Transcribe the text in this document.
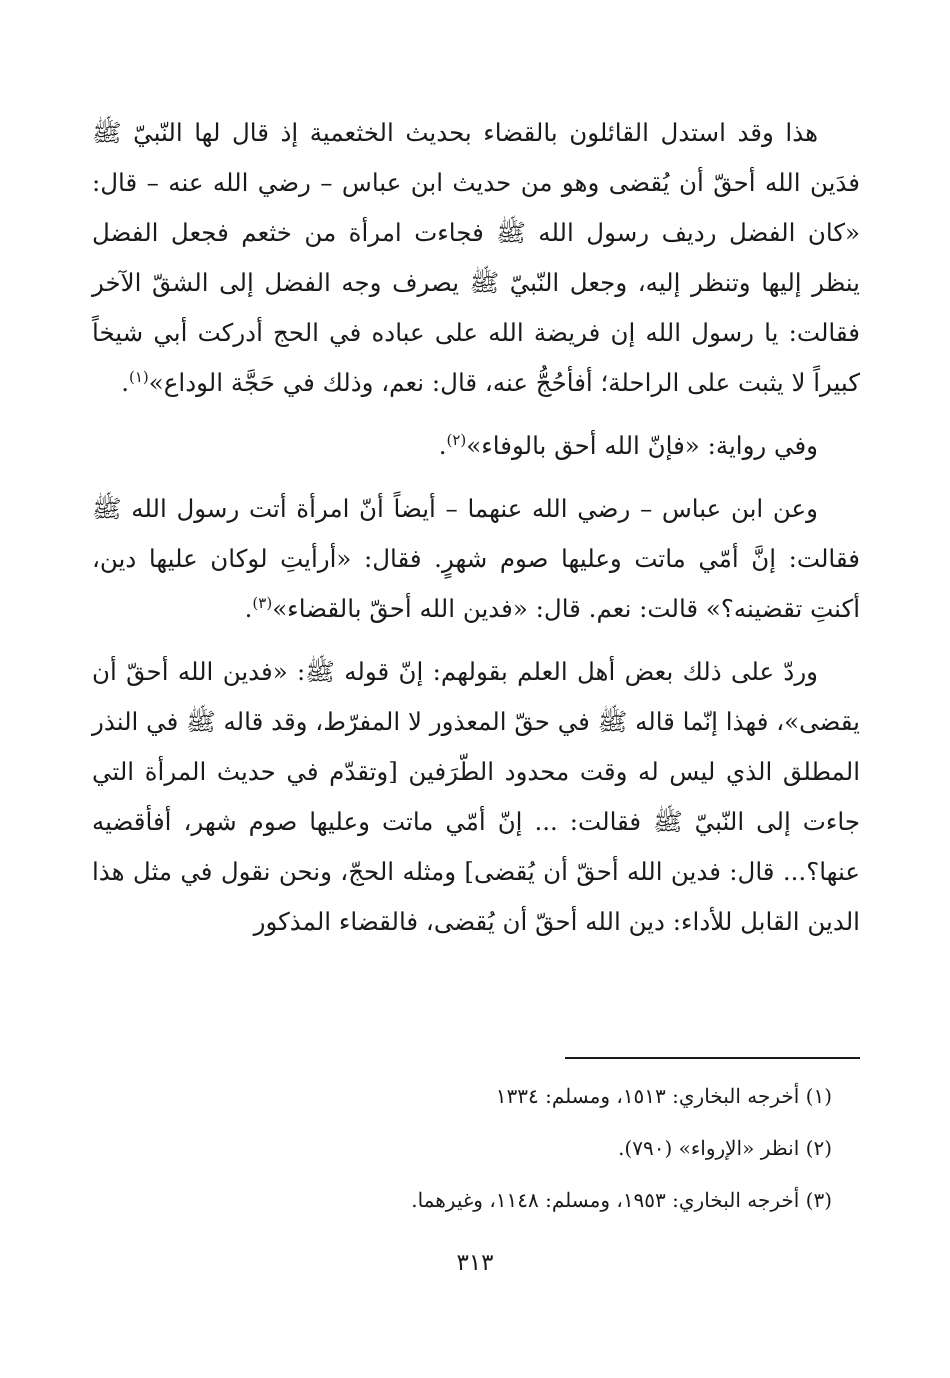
هذا وقد استدل القائلون بالقضاء بحديث الخثعمية إذ قال لها النّبيّ ﷺ فدَين الله أحقّ أن يُقضى وهو من حديث ابن عباس – رضي الله عنه – قال: «كان الفضل رديف رسول الله ﷺ فجاءت امرأة من خثعم فجعل الفضل ينظر إليها وتنظر إليه، وجعل النّبيّ ﷺ يصرف وجه الفضل إلى الشقّ الآخر فقالت: يا رسول الله إن فريضة الله على عباده في الحج أدركت أبي شيخاً كبيراً لا يثبت على الراحلة؛ أفأحُجُّ عنه، قال: نعم، وذلك في حَجَّة الوداع»$^{(١)}$.

وفي رواية: «فإنّ الله أحق بالوفاء»$^{(٢)}$.

وعن ابن عباس – رضي الله عنهما – أيضاً أنّ امرأة أتت رسول الله ﷺ فقالت: إنَّ أمّي ماتت وعليها صوم شهرٍ. فقال: «أرأيتِ لوكان عليها دين، أكنتِ تقضينه؟» قالت: نعم. قال: «فدين الله أحقّ بالقضاء»$^{(٣)}$.

وردّ على ذلك بعض أهل العلم بقولهم: إنّ قوله ﷺ: «فدين الله أحقّ أن يقضى»، فهذا إنّما قاله ﷺ في حقّ المعذور لا المفرّط، وقد قاله ﷺ في النذر المطلق الذي ليس له وقت محدود الطّرَفين [وتقدّم في حديث المرأة التي جاءت إلى النّبيّ ﷺ فقالت: ... إنّ أمّي ماتت وعليها صوم شهر، أفأقضيه عنها؟... قال: فدين الله أحقّ أن يُقضى] ومثله الحجّ، ونحن نقول في مثل هذا الدين القابل للأداء: دين الله أحقّ أن يُقضى، فالقضاء المذكور

(١) أخرجه البخاري: ١٥١٣، ومسلم: ١٣٣٤
(٢) انظر «الإرواء» (٧٩٠).
(٣) أخرجه البخاري: ١٩٥٣، ومسلم: ١١٤٨، وغيرهما.
٣١٣
